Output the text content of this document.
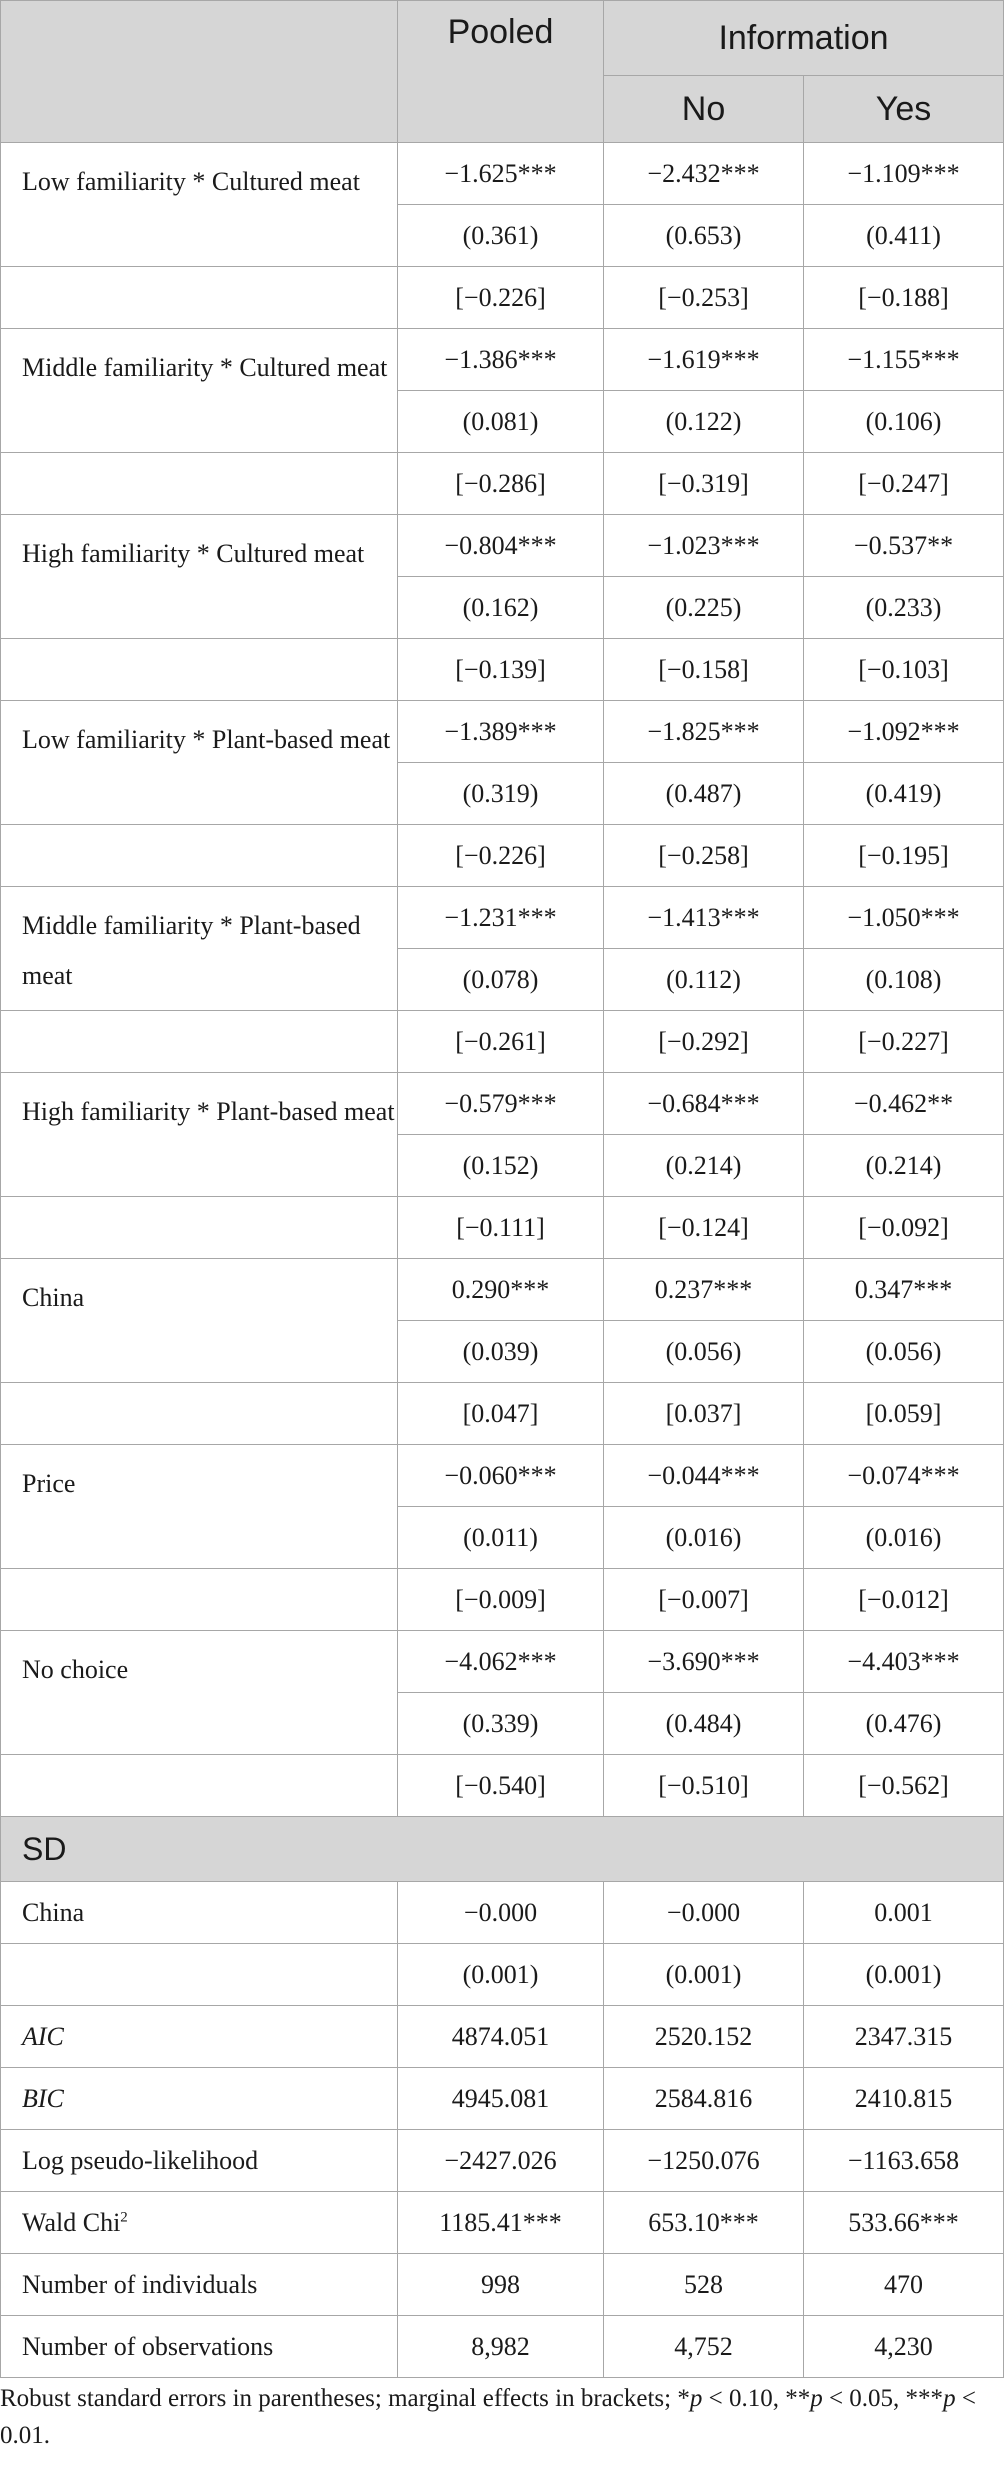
	Pooled	Information	
		No	Yes
Low familiarity * Cultured meat	−1.625***	−2.432***	−1.109***
	(0.361)	(0.653)	(0.411)
	[−0.226]	[−0.253]	[−0.188]
Middle familiarity * Cultured meat	−1.386***	−1.619***	−1.155***
	(0.081)	(0.122)	(0.106)
	[−0.286]	[−0.319]	[−0.247]
High familiarity * Cultured meat	−0.804***	−1.023***	−0.537**
	(0.162)	(0.225)	(0.233)
	[−0.139]	[−0.158]	[−0.103]
Low familiarity * Plant-based meat	−1.389***	−1.825***	−1.092***
	(0.319)	(0.487)	(0.419)
	[−0.226]	[−0.258]	[−0.195]
Middle familiarity * Plant-based meat	−1.231***	−1.413***	−1.050***
	(0.078)	(0.112)	(0.108)
	[−0.261]	[−0.292]	[−0.227]
High familiarity * Plant-based meat	−0.579***	−0.684***	−0.462**
	(0.152)	(0.214)	(0.214)
	[−0.111]	[−0.124]	[−0.092]
China	0.290***	0.237***	0.347***
	(0.039)	(0.056)	(0.056)
	[0.047]	[0.037]	[0.059]
Price	−0.060***	−0.044***	−0.074***
	(0.011)	(0.016)	(0.016)
	[−0.009]	[−0.007]	[−0.012]
No choice	−4.062***	−3.690***	−4.403***
	(0.339)	(0.484)	(0.476)
	[−0.540]	[−0.510]	[−0.562]
SD			
China	−0.000	−0.000	0.001
	(0.001)	(0.001)	(0.001)
AIC	4874.051	2520.152	2347.315
BIC	4945.081	2584.816	2410.815
Log pseudo-likelihood	−2427.026	−1250.076	−1163.658
Wald Chi$^2$	1185.41***	653.10***	533.66***
Number of individuals	998	528	470
Number of observations	8,982	4,752	4,230
Robust standard errors in parentheses; marginal effects in brackets; *p < 0.10, **p < 0.05, ***p < 0.01.
